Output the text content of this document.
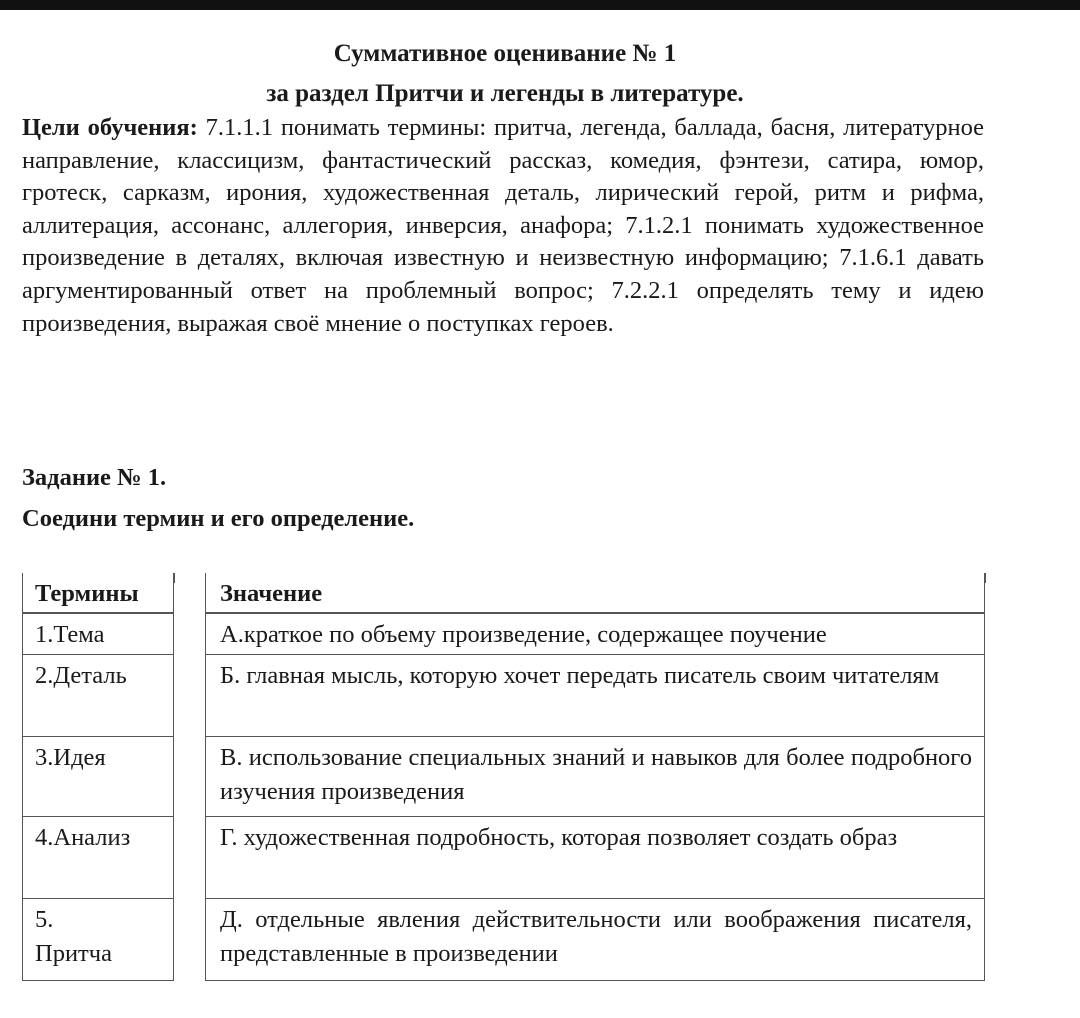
Суммативное оценивание № 1
за раздел Притчи и легенды в литературе.

Цели обучения: 7.1.1.1 понимать термины: притча, легенда, баллада, басня, литературное направление, классицизм, фантастический рассказ, комедия, фэнтези, сатира, юмор, гротеск, сарказм, ирония, художественная деталь, лирический герой, ритм и рифма, аллитерация, ассонанс, аллегория, инверсия, анафора; 7.1.2.1 понимать художественное произведение в деталях, включая известную и неизвестную информацию; 7.1.6.1 давать аргументированный ответ на проблемный вопрос; 7.2.2.1 определять тему и идею произведения, выражая своё мнение о поступках героев.

Задание № 1.
Соедини термин и его определение.
Термины
1.Тема
2.Деталь
3.Идея
4.Анализ
5.
Притча
Значение
А.краткое по объему произведение, содержащее поучение
Б. главная мысль, которую хочет передать писатель своим читателям
В. использование специальных знаний и навыков для более подробного изучения произведения
Г. художественная подробность, которая позволяет создать образ
Д. отдельные явления действительности или воображения писателя, представленные в произведении
